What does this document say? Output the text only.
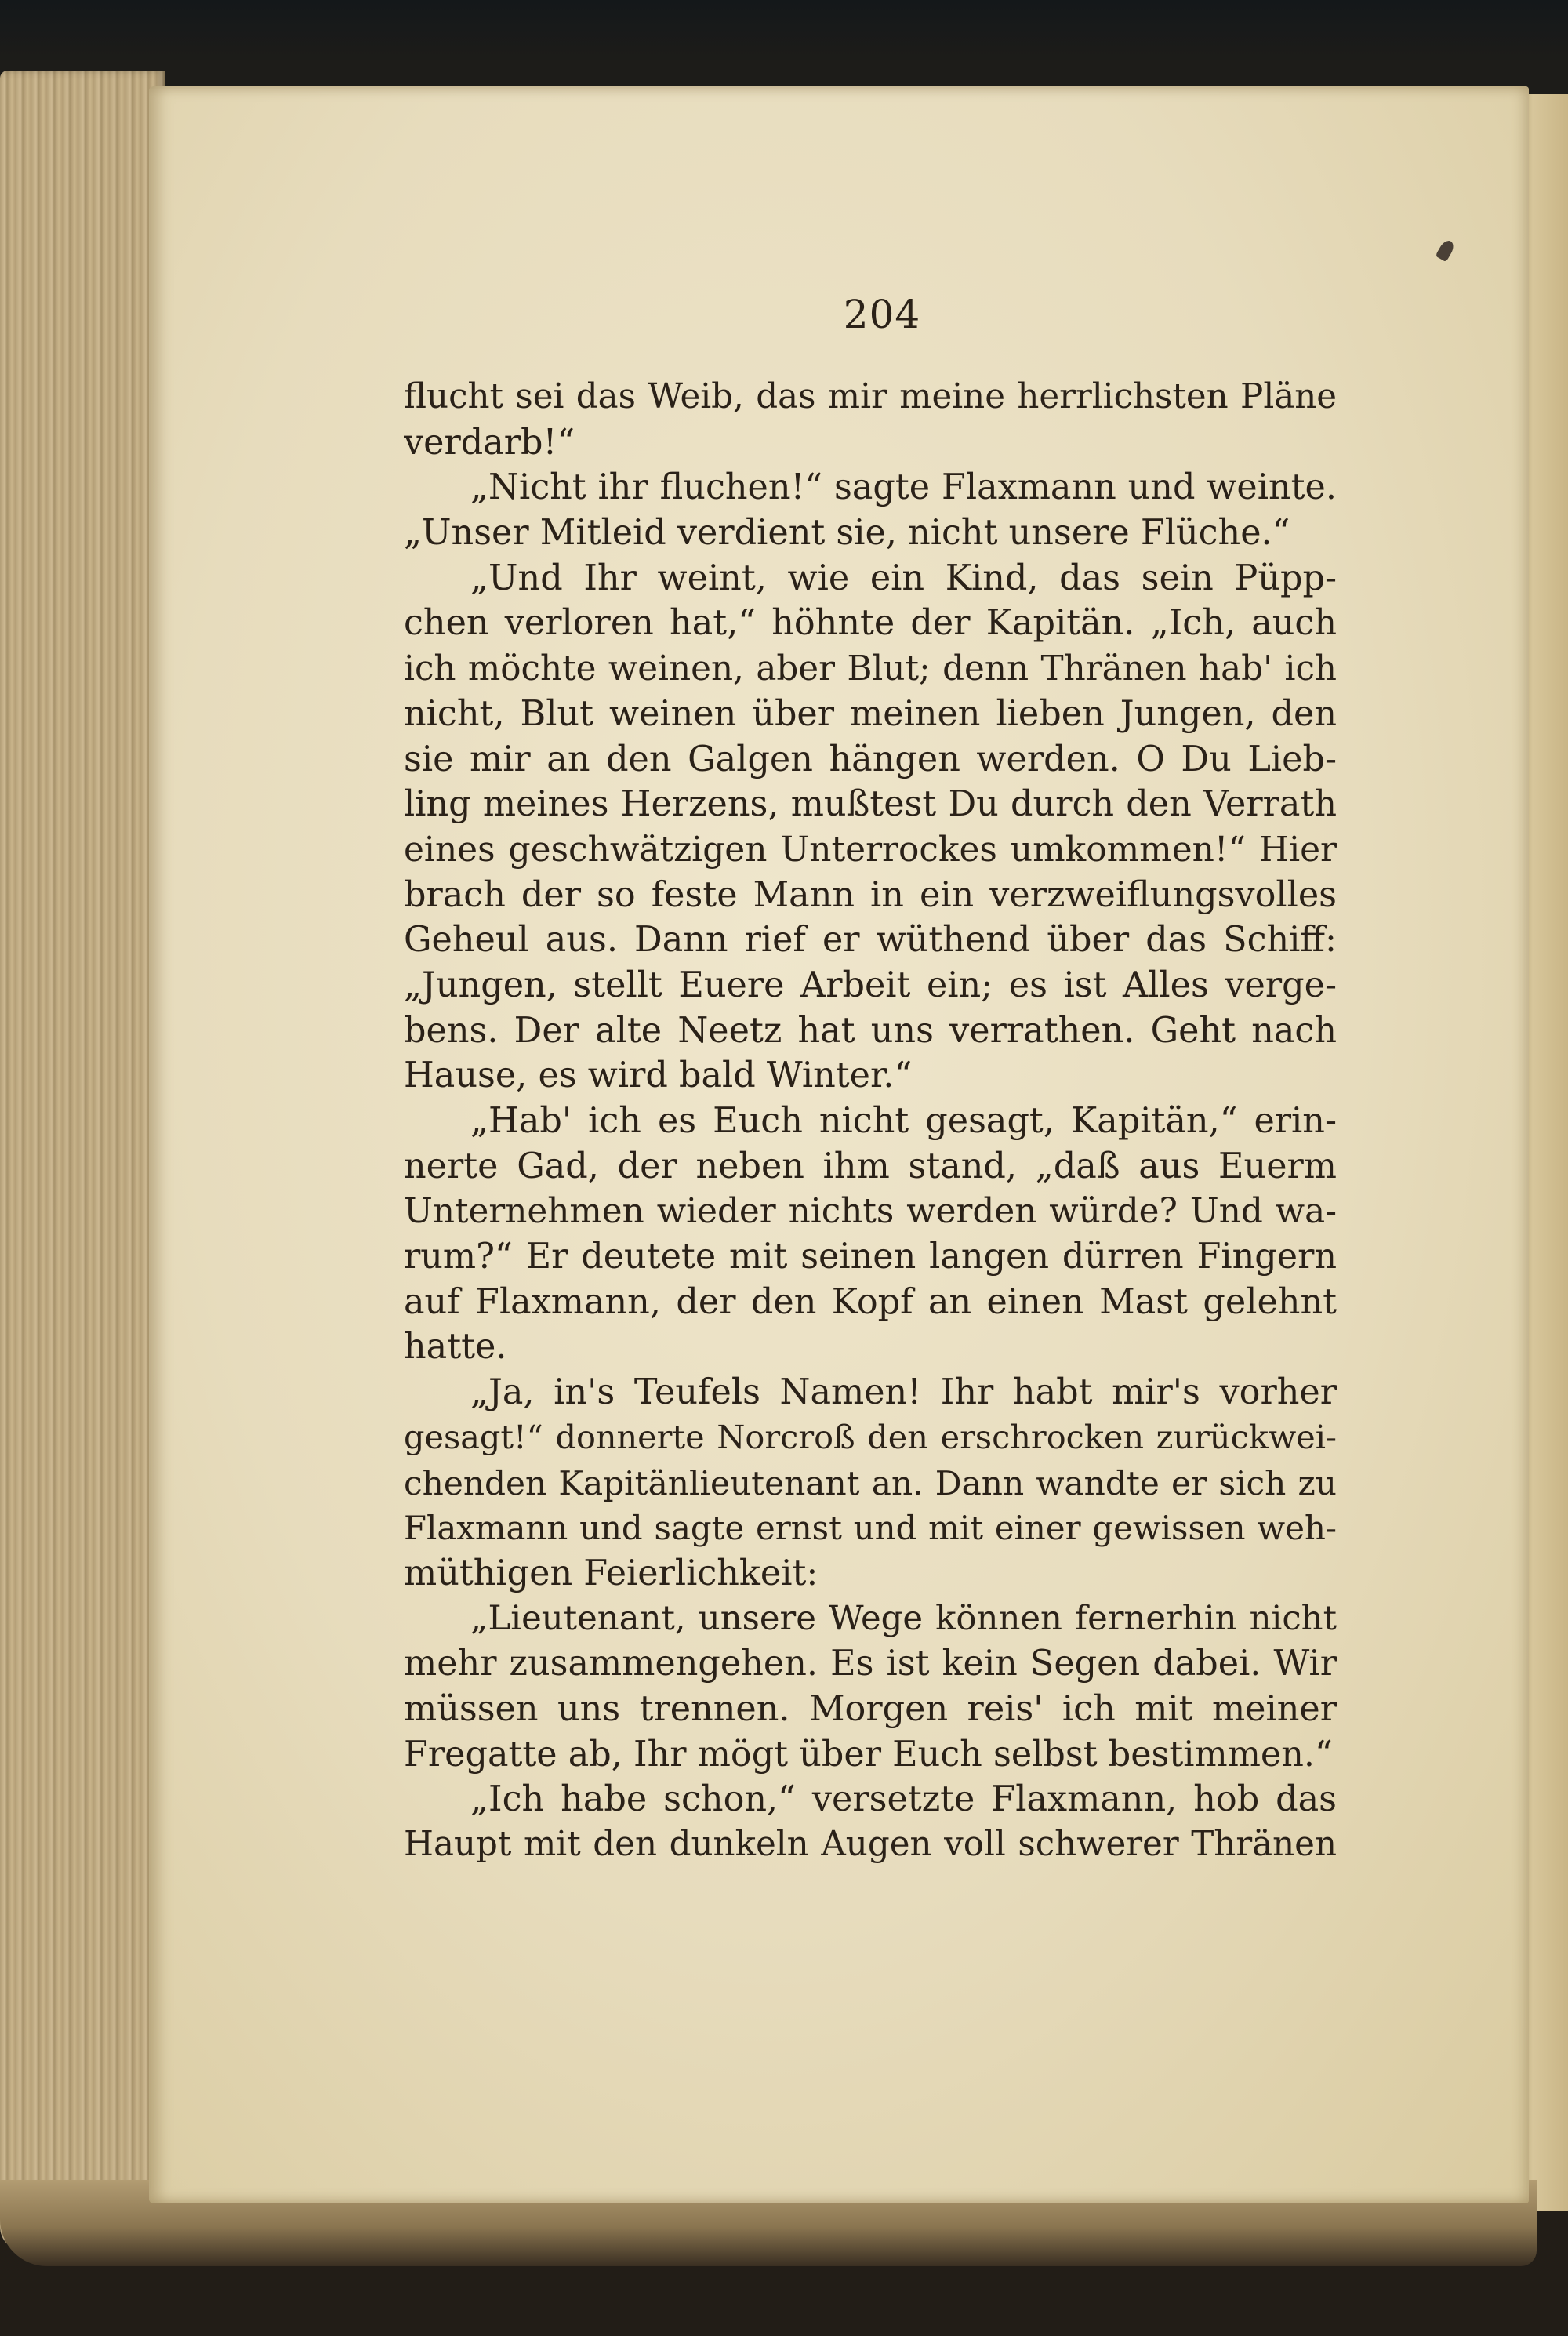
204
flucht sei das Weib, das mir meine herrlichsten Pläne
verdarb!“
„Nicht ihr fluchen!“ sagte Flaxmann und weinte.
„Unser Mitleid verdient sie, nicht unsere Flüche.“
„Und Ihr weint, wie ein Kind, das sein Püpp-
chen verloren hat,“ höhnte der Kapitän. „Ich, auch
ich möchte weinen, aber Blut; denn Thränen hab' ich
nicht, Blut weinen über meinen lieben Jungen, den
sie mir an den Galgen hängen werden. O Du Lieb-
ling meines Herzens, mußtest Du durch den Verrath
eines geschwätzigen Unterrockes umkommen!“ Hier
brach der so feste Mann in ein verzweiflungsvolles
Geheul aus. Dann rief er wüthend über das Schiff:
„Jungen, stellt Euere Arbeit ein; es ist Alles verge-
bens. Der alte Neetz hat uns verrathen. Geht nach
Hause, es wird bald Winter.“
„Hab' ich es Euch nicht gesagt, Kapitän,“ erin-
nerte Gad, der neben ihm stand, „daß aus Euerm
Unternehmen wieder nichts werden würde? Und wa-
rum?“ Er deutete mit seinen langen dürren Fingern
auf Flaxmann, der den Kopf an einen Mast gelehnt
hatte.
„Ja, in's Teufels Namen! Ihr habt mir's vorher
gesagt!“ donnerte Norcroß den erschrocken zurückwei-
chenden Kapitänlieutenant an. Dann wandte er sich zu
Flaxmann und sagte ernst und mit einer gewissen weh-
müthigen Feierlichkeit:
„Lieutenant, unsere Wege können fernerhin nicht
mehr zusammengehen. Es ist kein Segen dabei. Wir
müssen uns trennen. Morgen reis' ich mit meiner
Fregatte ab, Ihr mögt über Euch selbst bestimmen.“
„Ich habe schon,“ versetzte Flaxmann, hob das
Haupt mit den dunkeln Augen voll schwerer Thränen
